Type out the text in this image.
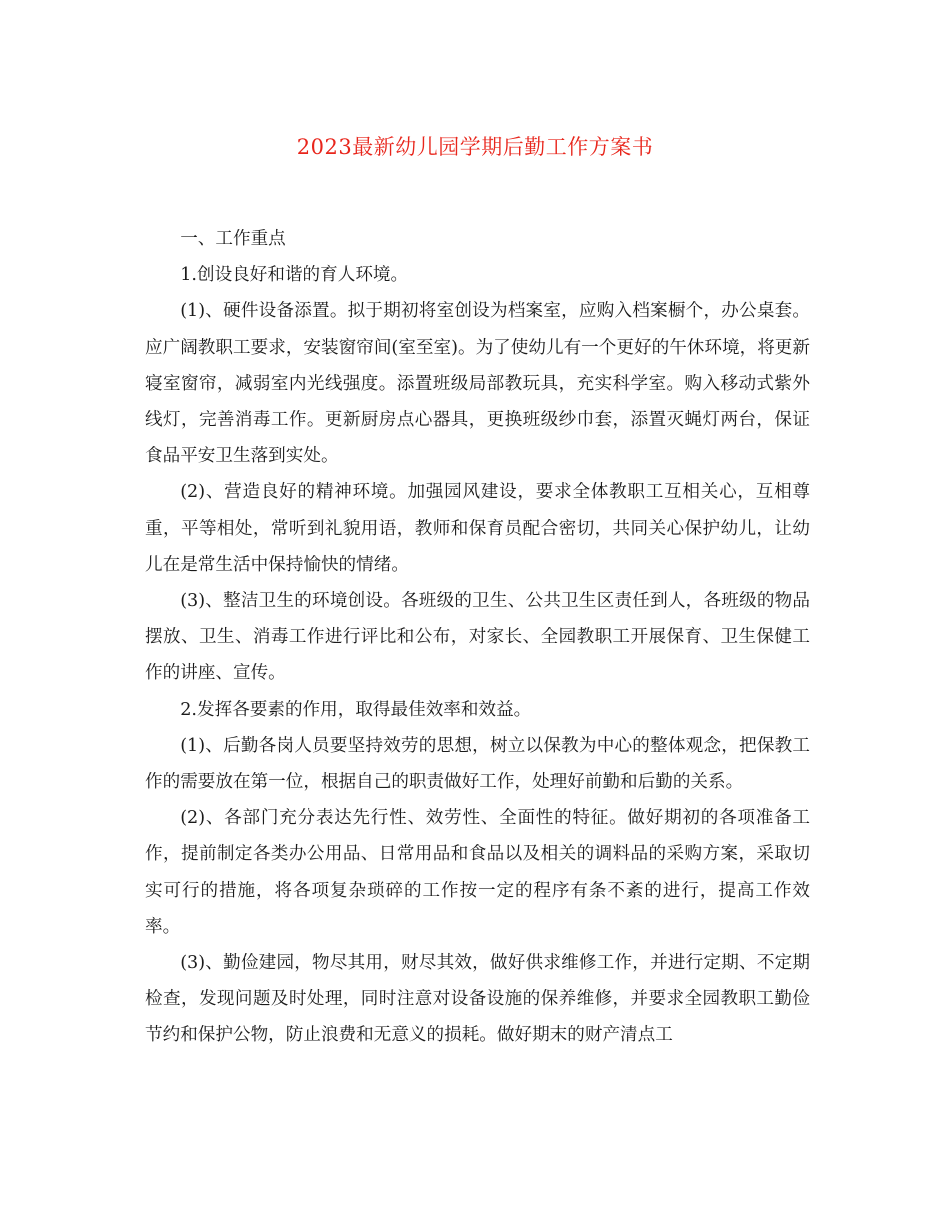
2023最新幼儿园学期后勤工作方案书

一、工作重点

1.创设良好和谐的育人环境。

(1)、硬件设备添置。拟于期初将室创设为档案室，应购入档案橱个，办公桌套。应广阔教职工要求，安装窗帘间(室至室)。为了使幼儿有一个更好的午休环境，将更新寝室窗帘，减弱室内光线强度。添置班级局部教玩具，充实科学室。购入移动式紫外线灯，完善消毒工作。更新厨房点心器具，更换班级纱巾套，添置灭蝇灯两台，保证食品平安卫生落到实处。

(2)、营造良好的精神环境。加强园风建设，要求全体教职工互相关心，互相尊重，平等相处，常听到礼貌用语，教师和保育员配合密切，共同关心保护幼儿，让幼儿在是常生活中保持愉快的情绪。

(3)、整洁卫生的环境创设。各班级的卫生、公共卫生区责任到人，各班级的物品摆放、卫生、消毒工作进行评比和公布，对家长、全园教职工开展保育、卫生保健工作的讲座、宣传。

2.发挥各要素的作用，取得最佳效率和效益。

(1)、后勤各岗人员要坚持效劳的思想，树立以保教为中心的整体观念，把保教工作的需要放在第一位，根据自己的职责做好工作，处理好前勤和后勤的关系。

(2)、各部门充分表达先行性、效劳性、全面性的特征。做好期初的各项准备工作，提前制定各类办公用品、日常用品和食品以及相关的调料品的采购方案，采取切实可行的措施，将各项复杂琐碎的工作按一定的程序有条不紊的进行，提高工作效率。

(3)、勤俭建园，物尽其用，财尽其效，做好供求维修工作，并进行定期、不定期检查，发现问题及时处理，同时注意对设备设施的保养维修，并要求全园教职工勤俭节约和保护公物，防止浪费和无意义的损耗。做好期末的财产清点工
